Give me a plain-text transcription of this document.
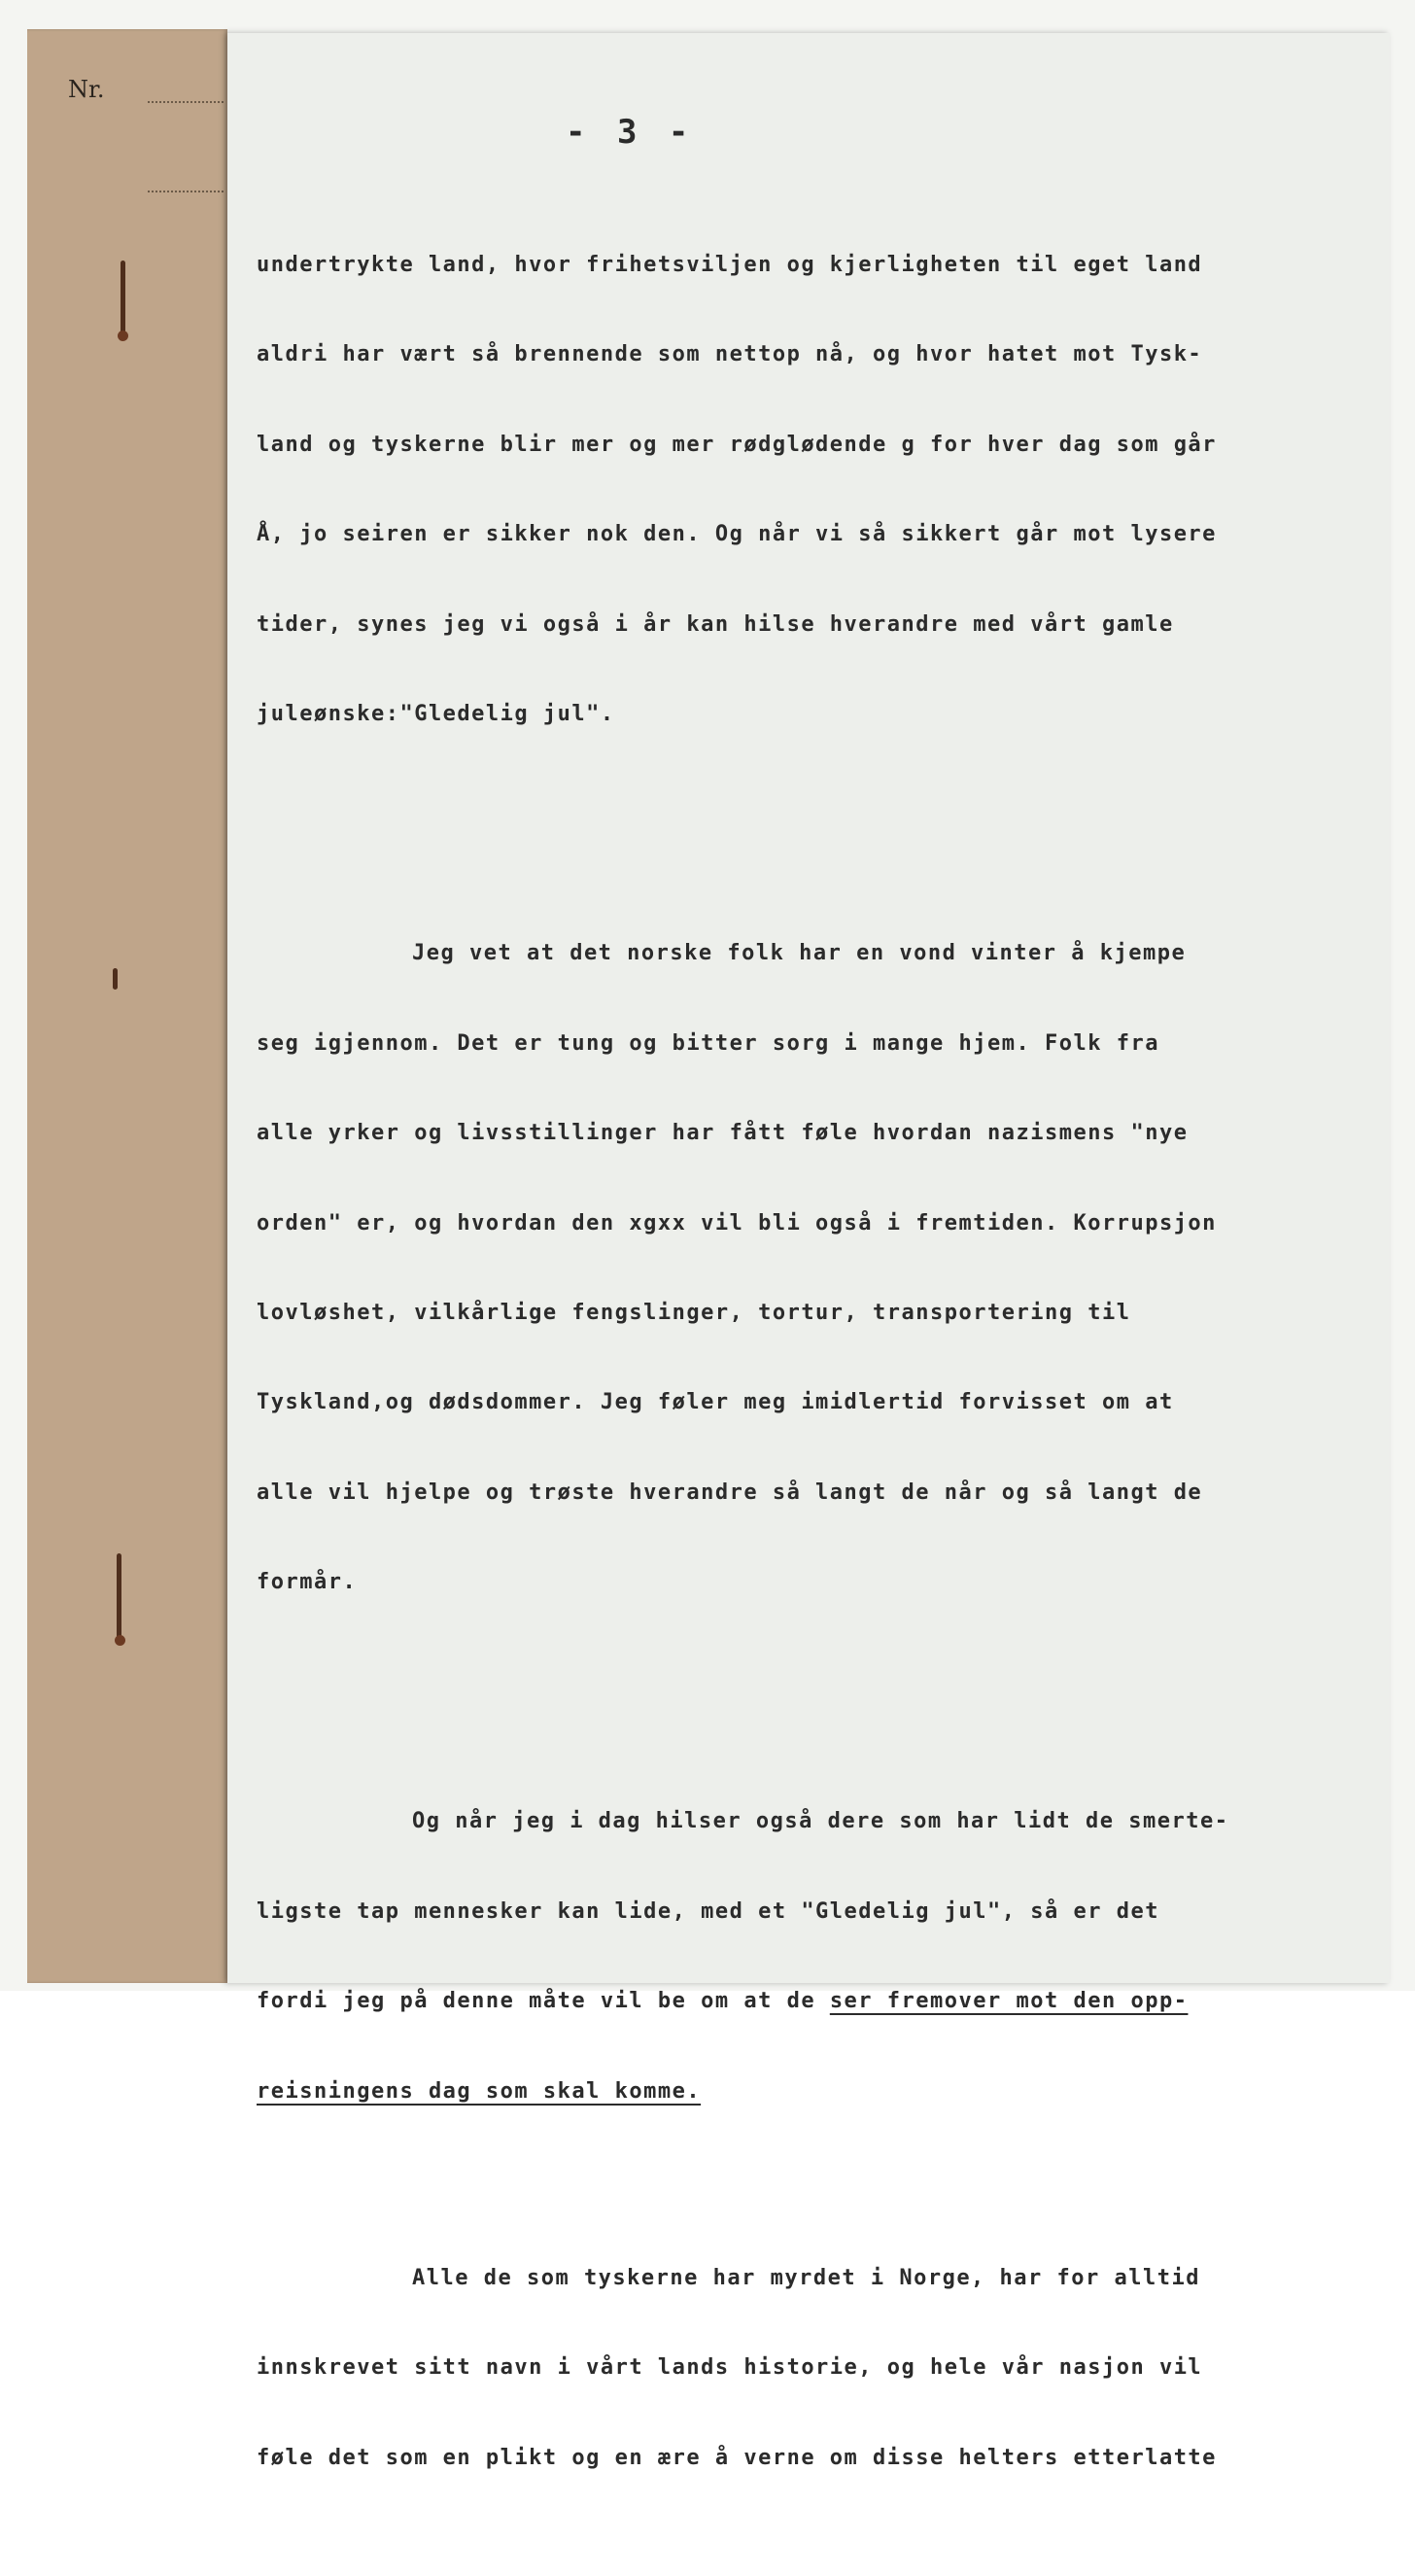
Nr.
- 3 -

undertrykte land, hvor frihetsviljen og kjerligheten til eget land

aldri har vært så brennende som nettop nå, og hvor hatet mot Tysk-

land og tyskerne blir mer og mer rødglødende g for hver dag som går

Å, jo seiren er sikker nok den. Og når vi så sikkert går mot lysere

tider, synes jeg vi også i år kan hilse hverandre med vårt gamle

juleønske:"Gledelig jul".

Jeg vet at det norske folk har en vond vinter å kjempe

seg igjennom. Det er tung og bitter sorg i mange hjem. Folk fra

alle yrker og livsstillinger har fått føle hvordan nazismens "nye

orden" er, og hvordan den xgxx vil bli også i fremtiden. Korrupsjon

lovløshet, vilkårlige fengslinger, tortur, transportering til

Tyskland,og dødsdommer. Jeg føler meg imidlertid forvisset om at

alle vil hjelpe og trøste hverandre så langt de når og så langt de

formår.

Og når jeg i dag hilser også dere som har lidt de smerte-

ligste tap mennesker kan lide, med et "Gledelig jul", så er det

fordi jeg på denne måte vil be om at de ser fremover mot den opp-

reisningens dag som skal komme.

Alle de som tyskerne har myrdet i Norge, har for alltid

innskrevet sitt navn i vårt lands historie, og hele vår nasjon vil

føle det som en plikt og en ære å verne om disse helters etterlatte
